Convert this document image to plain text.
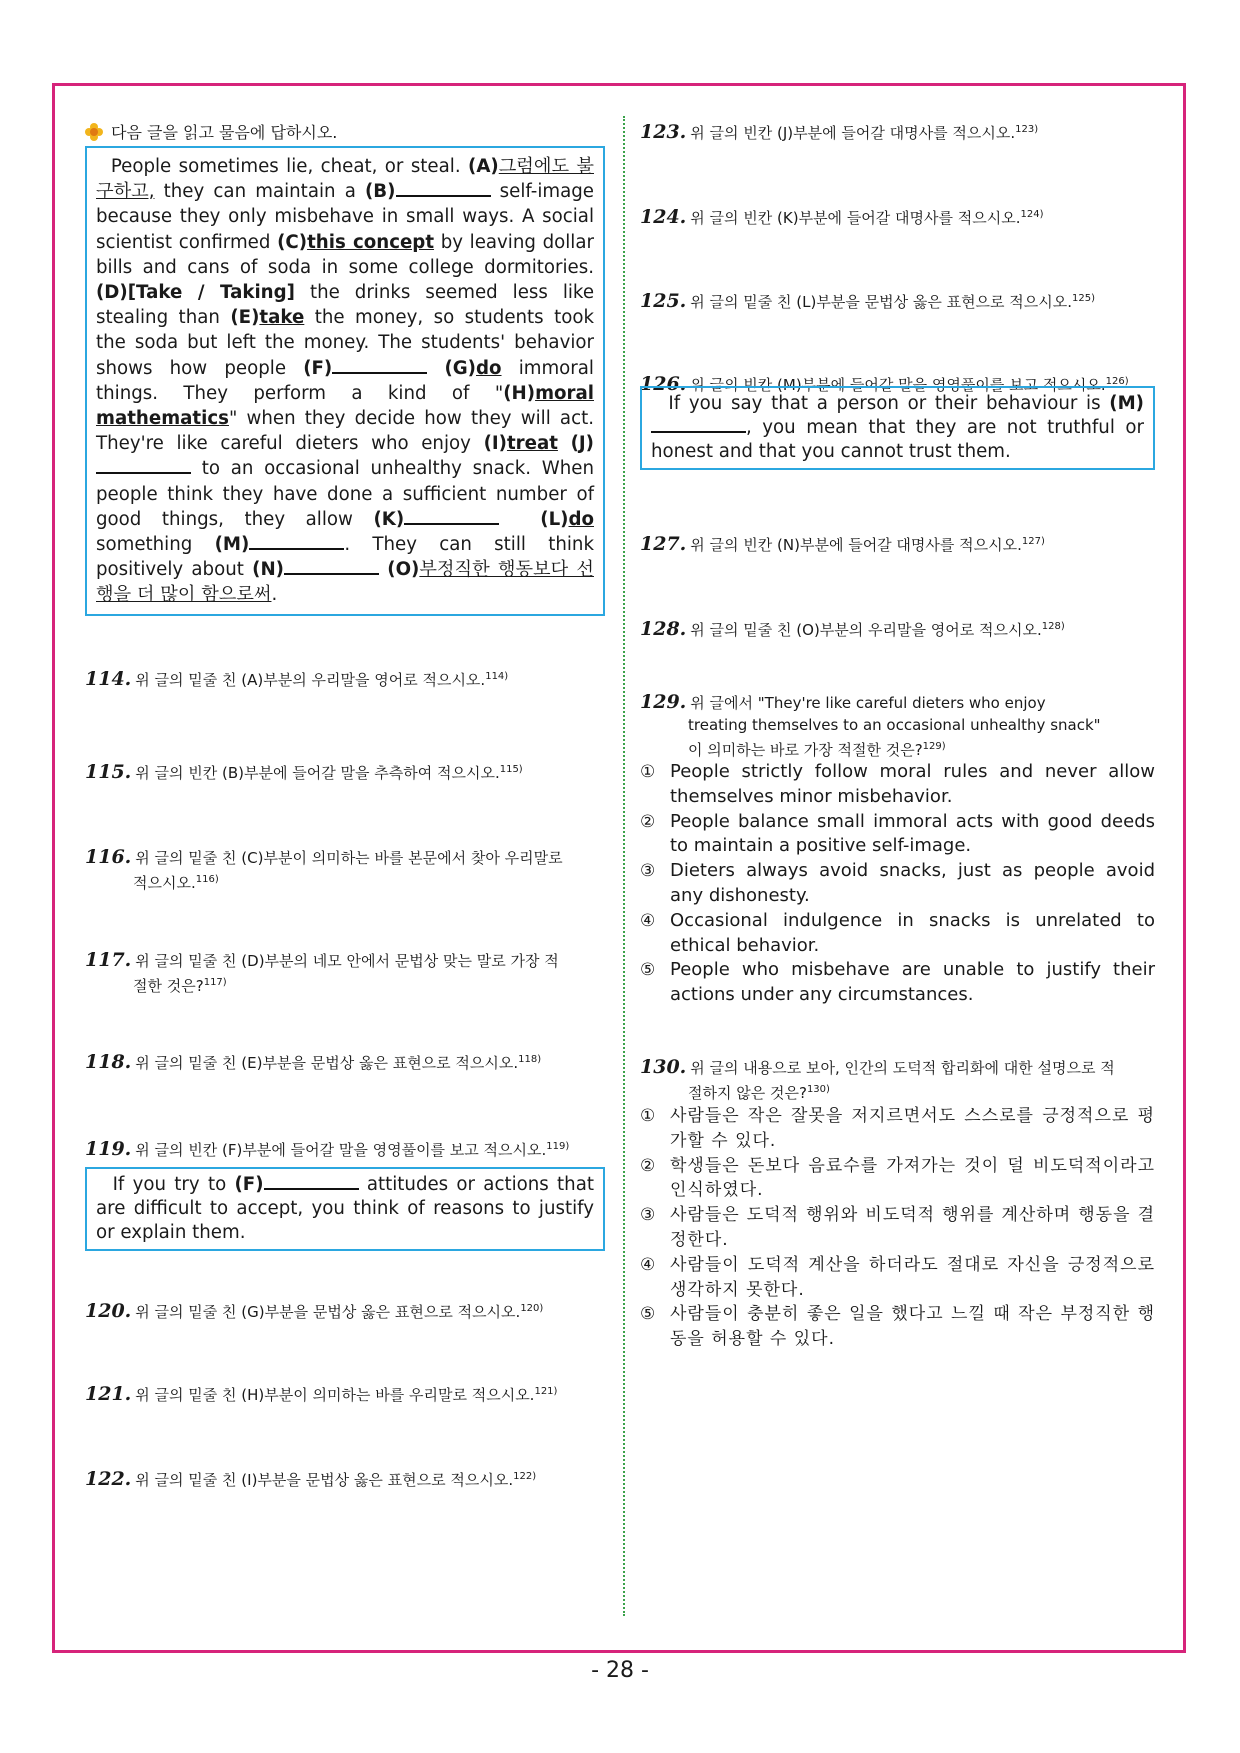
다음 글을 읽고 물음에 답하시오.
People sometimes lie, cheat, or steal. (A)그럼에도 불구하고, they can maintain a (B)	self-image because they only misbehave in small ways. A social scientist confirmed (C)this concept by leaving dollar bills and cans of soda in some college dormitories. (D)[Take / Taking] the drinks seemed less like stealing than (E)take the money, so students took the soda but left the money. The students' behavior shows how people (F)	(G)do immoral things. They perform a kind of "(H)moral mathematics" when they decide how they will act. They're like careful dieters who enjoy (I)treat (J) to an occasional unhealthy snack. When people think they have done a sufficient number of good things, they allow (K)	(L)do something (M)	. They can still think positively about (N)	(O)부정직한 행동보다 선행을 더 많이 함으로써.
114. 위 글의 밑줄 친 (A)부분의 우리말을 영어로 적으시오.$^{114)}$
115. 위 글의 빈칸 (B)부분에 들어갈 말을 추측하여 적으시오.$^{115)}$
116. 위 글의 밑줄 친 (C)부분이 의미하는 바를 본문에서 찾아 우리말로
적으시오.$^{116)}$
117. 위 글의 밑줄 친 (D)부분의 네모 안에서 문법상 맞는 말로 가장 적
절한 것은?$^{117)}$
118. 위 글의 밑줄 친 (E)부분을 문법상 옳은 표현으로 적으시오.$^{118)}$
119. 위 글의 빈칸 (F)부분에 들어갈 말을 영영풀이를 보고 적으시오.$^{119)}$
If you try to (F)	attitudes or actions that are difficult to accept, you think of reasons to justify or explain them.
120. 위 글의 밑줄 친 (G)부분을 문법상 옳은 표현으로 적으시오.$^{120)}$
121. 위 글의 밑줄 친 (H)부분이 의미하는 바를 우리말로 적으시오.$^{121)}$
122. 위 글의 밑줄 친 (I)부분을 문법상 옳은 표현으로 적으시오.$^{122)}$
123. 위 글의 빈칸 (J)부분에 들어갈 대명사를 적으시오.$^{123)}$
124. 위 글의 빈칸 (K)부분에 들어갈 대명사를 적으시오.$^{124)}$
125. 위 글의 밑줄 친 (L)부분을 문법상 옳은 표현으로 적으시오.$^{125)}$
126. 위 글의 빈칸 (M)부분에 들어갈 말을 영영풀이를 보고 적으시오.$^{126)}$
If you say that a person or their behaviour is (M), you mean that they are not truthful or honest and that you cannot trust them.
127. 위 글의 빈칸 (N)부분에 들어갈 대명사를 적으시오.$^{127)}$
128. 위 글의 밑줄 친 (O)부분의 우리말을 영어로 적으시오.$^{128)}$
129. 위 글에서 "They're like careful dieters who enjoy
treating themselves to an occasional unhealthy snack"
이 의미하는 바로 가장 적절한 것은?$^{129)}$
① People strictly follow moral rules and never allow themselves minor misbehavior.
② People balance small immoral acts with good deeds to maintain a positive self-image.
③ Dieters always avoid snacks, just as people avoid any dishonesty.
④ Occasional indulgence in snacks is unrelated to ethical behavior.
⑤ People who misbehave are unable to justify their actions under any circumstances.
130. 위 글의 내용으로 보아, 인간의 도덕적 합리화에 대한 설명으로 적
절하지 않은 것은?$^{130)}$
① 사람들은 작은 잘못을 저지르면서도 스스로를 긍정적으로 평가할 수 있다.
② 학생들은 돈보다 음료수를 가져가는 것이 덜 비도덕적이라고 인식하였다.
③ 사람들은 도덕적 행위와 비도덕적 행위를 계산하며 행동을 결정한다.
④ 사람들이 도덕적 계산을 하더라도 절대로 자신을 긍정적으로 생각하지 못한다.
⑤ 사람들이 충분히 좋은 일을 했다고 느낄 때 작은 부정직한 행동을 허용할 수 있다.
- 28 -
